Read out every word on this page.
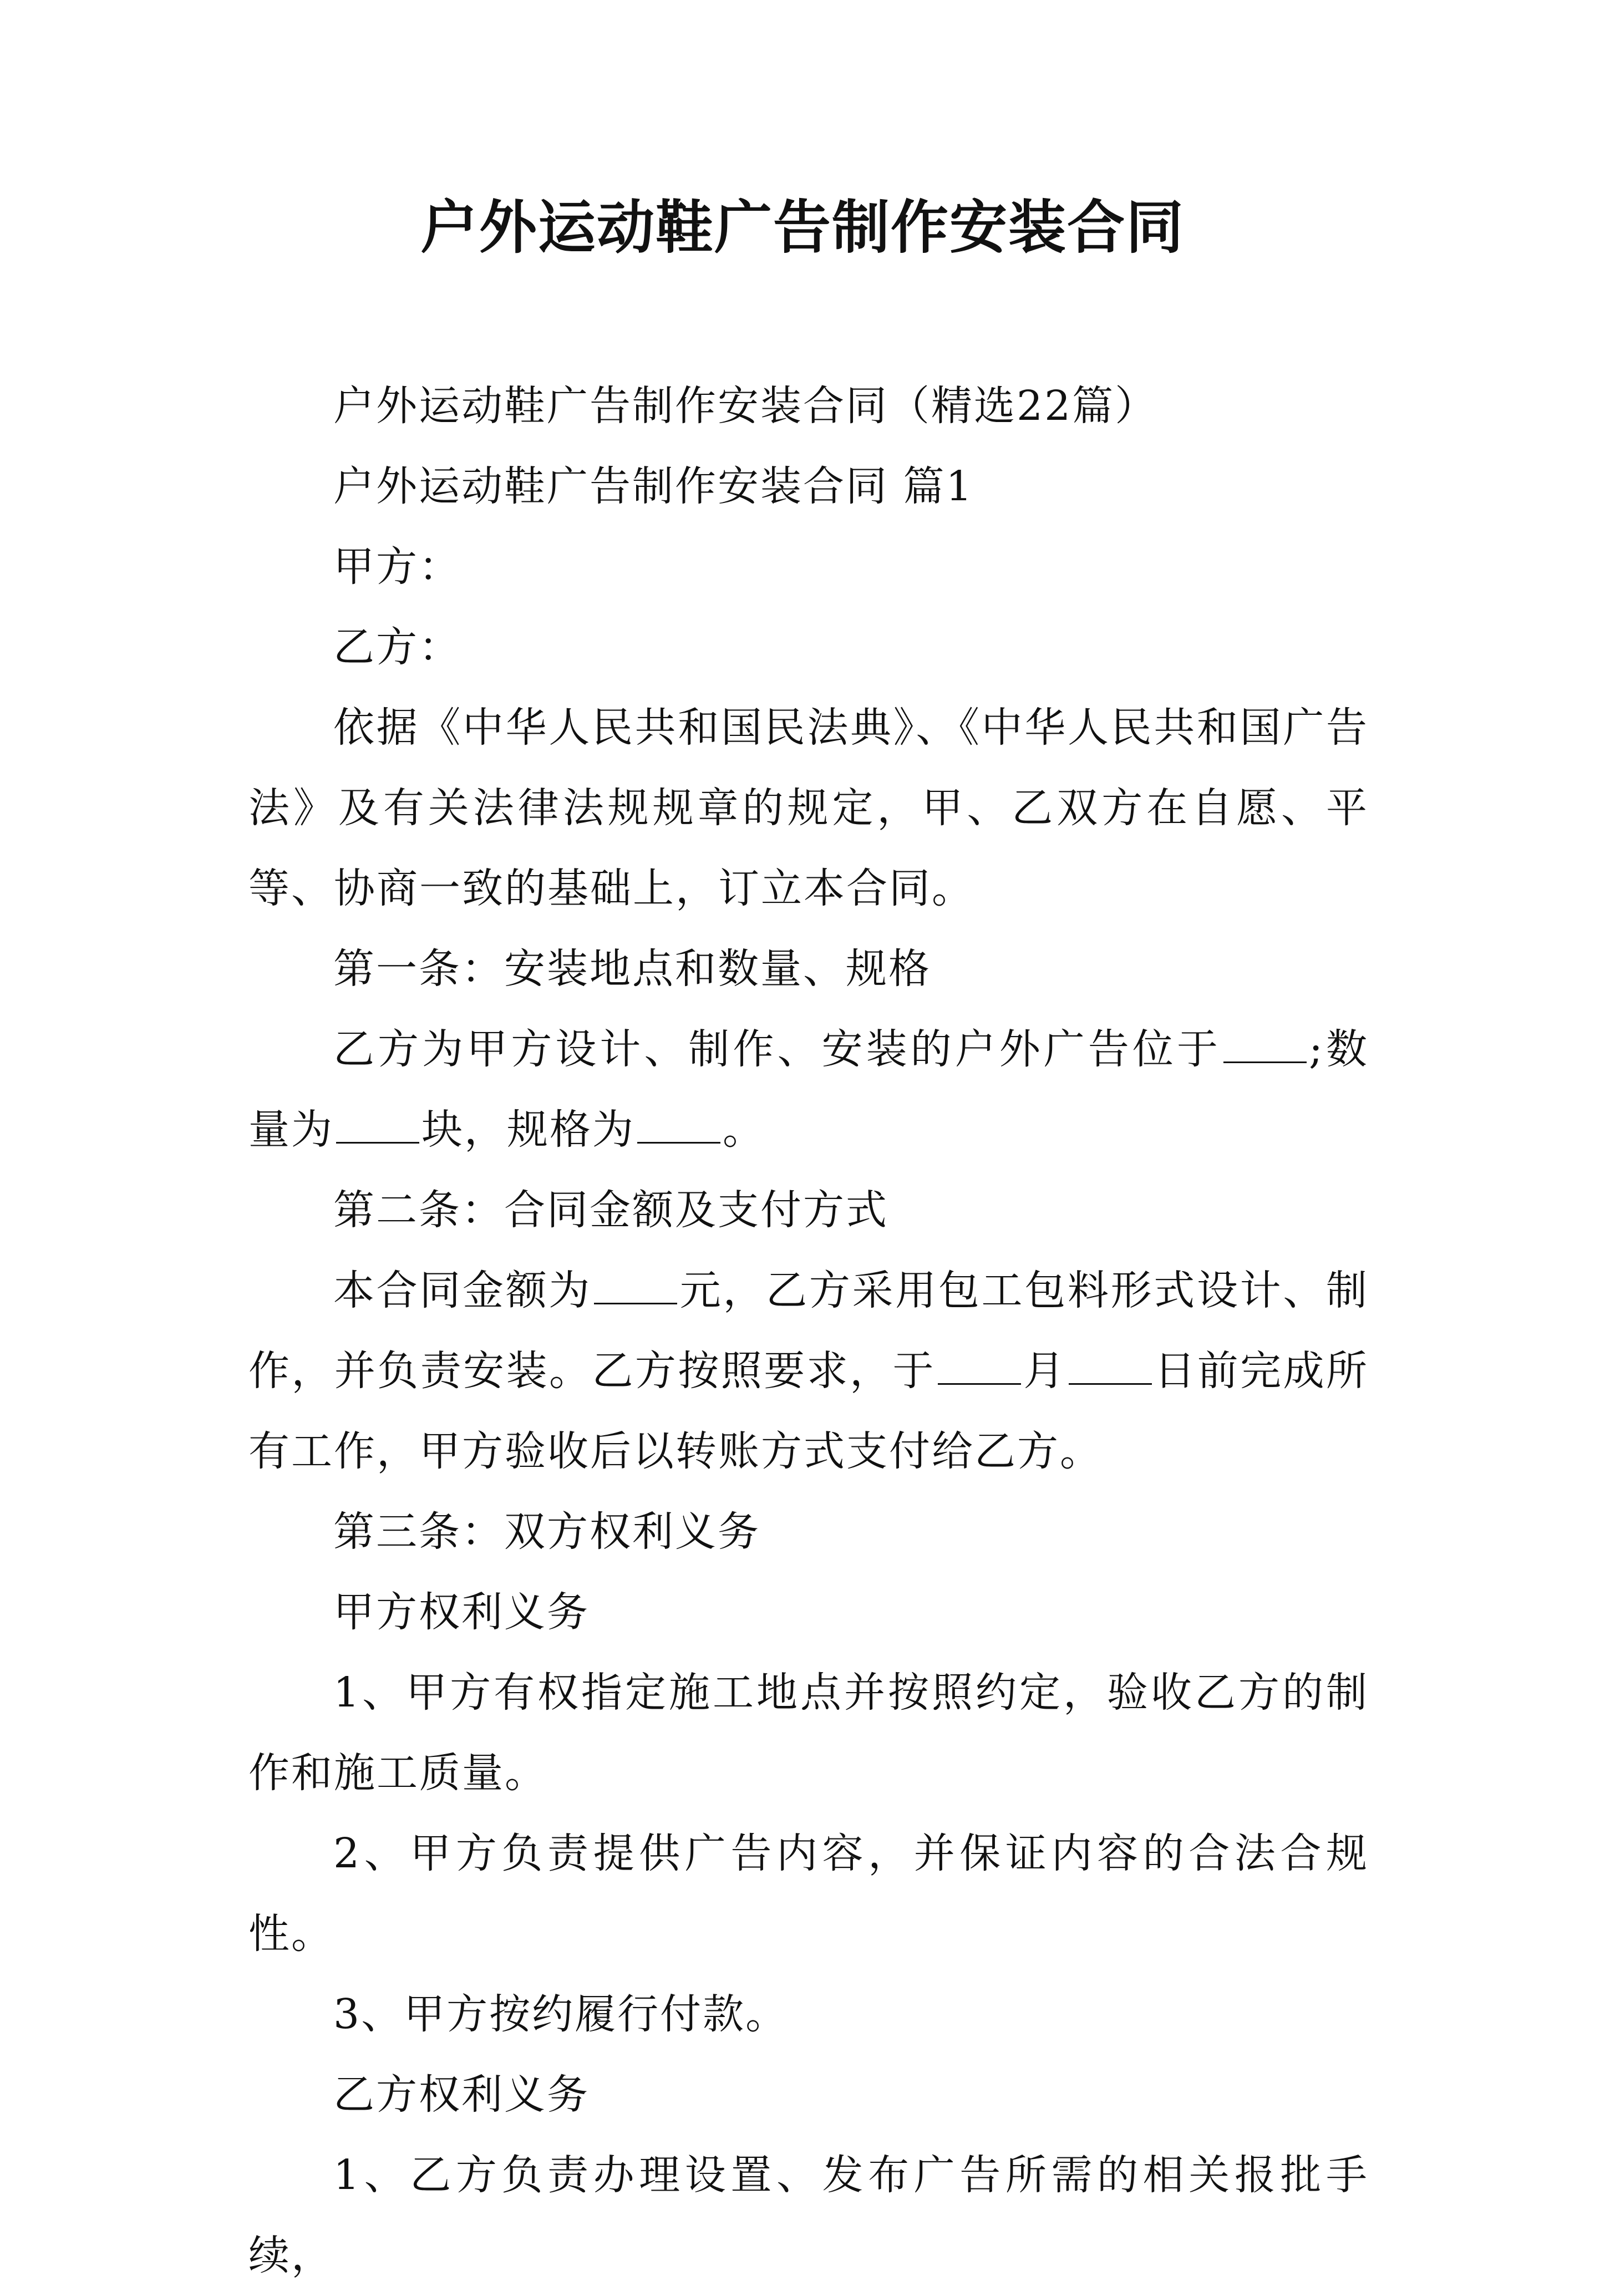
户外运动鞋广告制作安装合同

户外运动鞋广告制作安装合同（精选22篇）

户外运动鞋广告制作安装合同 篇1

甲方：

乙方：

依据《中华人民共和国民法典》、《中华人民共和国广告法》及有关法律法规规章的规定，甲、乙双方在自愿、平等、协商一致的基础上，订立本合同。

第一条：安装地点和数量、规格

乙方为甲方设计、制作、安装的户外广告位于 ;数量为 块，规格为 。

第二条：合同金额及支付方式

本合同金额为 元，乙方采用包工包料形式设计、制作，并负责安装。乙方按照要求，于 月 日前完成所有工作，甲方验收后以转账方式支付给乙方。

第三条：双方权利义务

甲方权利义务

1、甲方有权指定施工地点并按照约定，验收乙方的制作和施工质量。

2、甲方负责提供广告内容，并保证内容的合法合规性。

3、甲方按约履行付款。

乙方权利义务

1、乙方负责办理设置、发布广告所需的相关报批手续，
